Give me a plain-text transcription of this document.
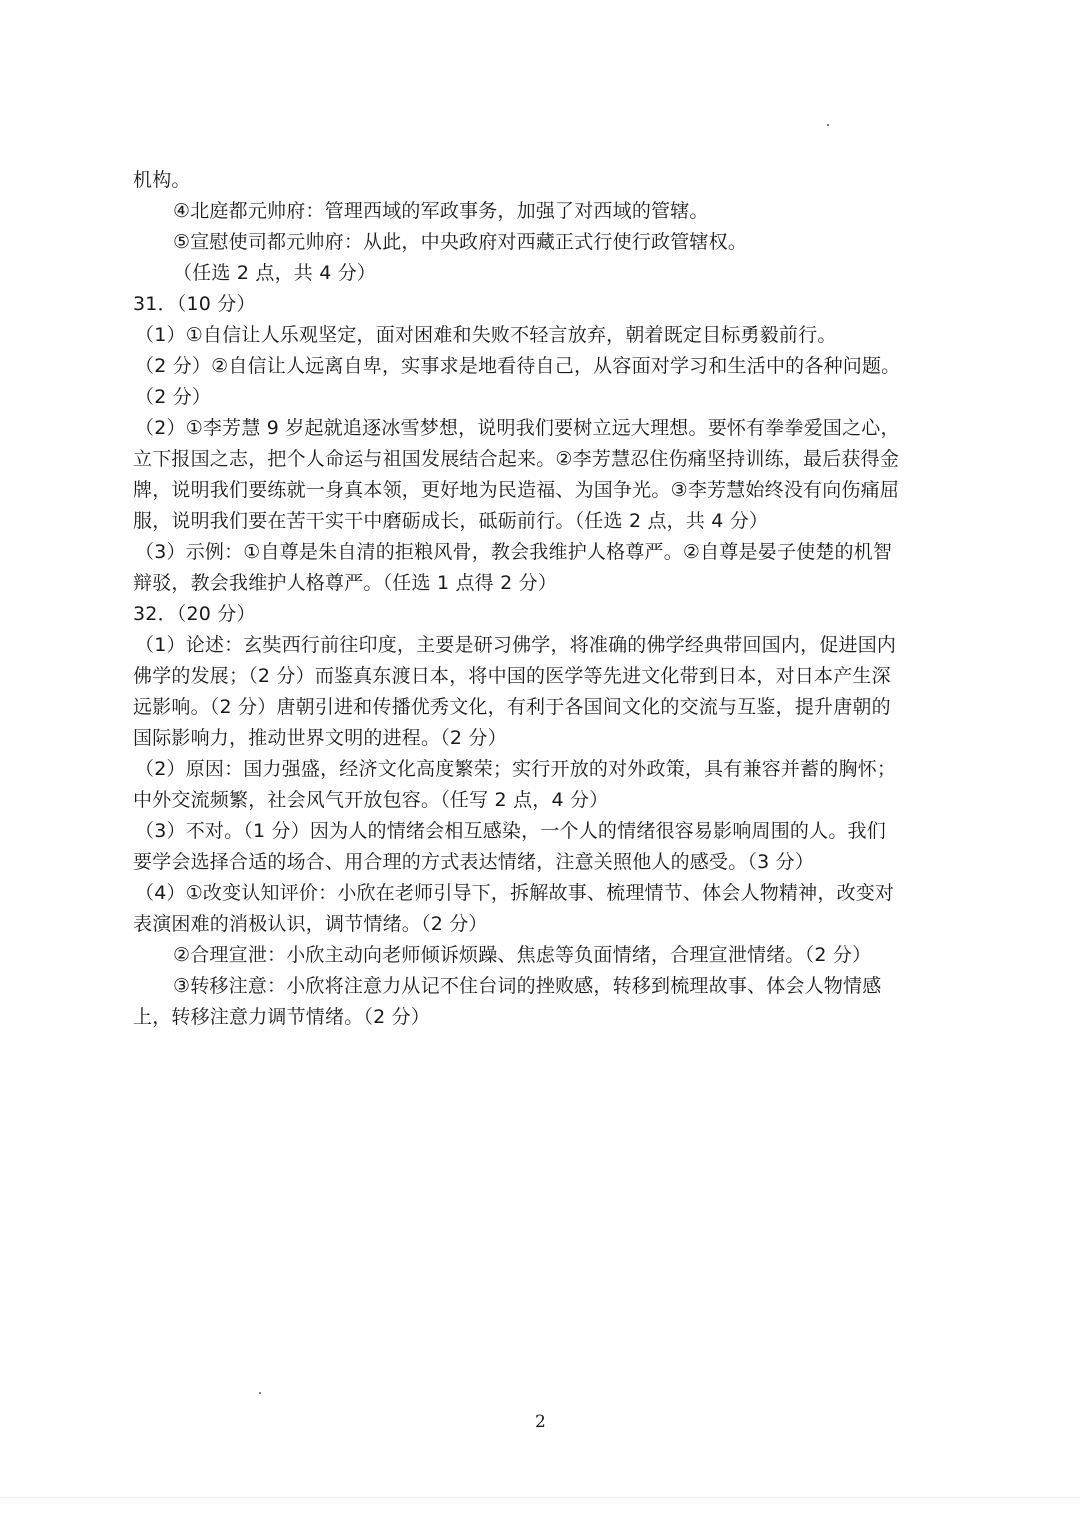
机构。
④北庭都元帅府：管理西域的军政事务，加强了对西域的管辖。
⑤宣慰使司都元帅府：从此，中央政府对西藏正式行使行政管辖权。
（任选 2 点，共 4 分）
31．（10 分）
（1）①自信让人乐观坚定，面对困难和失败不轻言放弃，朝着既定目标勇毅前行。
（2 分）②自信让人远离自卑，实事求是地看待自己，从容面对学习和生活中的各种问题。
（2 分）
（2）①李芳慧 9 岁起就追逐冰雪梦想，说明我们要树立远大理想。要怀有拳拳爱国之心，
立下报国之志，把个人命运与祖国发展结合起来。②李芳慧忍住伤痛坚持训练，最后获得金
牌，说明我们要练就一身真本领，更好地为民造福、为国争光。③李芳慧始终没有向伤痛屈
服，说明我们要在苦干实干中磨砺成长，砥砺前行。（任选 2 点，共 4 分）
（3）示例：①自尊是朱自清的拒粮风骨，教会我维护人格尊严。②自尊是晏子使楚的机智
辩驳，教会我维护人格尊严。（任选 1 点得 2 分）
32．（20 分）
（1）论述：玄奘西行前往印度，主要是研习佛学，将准确的佛学经典带回国内，促进国内
佛学的发展；（2 分）而鉴真东渡日本，将中国的医学等先进文化带到日本，对日本产生深
远影响。（2 分）唐朝引进和传播优秀文化，有利于各国间文化的交流与互鉴，提升唐朝的
国际影响力，推动世界文明的进程。（2 分）
（2）原因：国力强盛，经济文化高度繁荣；实行开放的对外政策，具有兼容并蓄的胸怀；
中外交流频繁，社会风气开放包容。（任写 2 点，4 分）
（3）不对。（1 分）因为人的情绪会相互感染，一个人的情绪很容易影响周围的人。我们
要学会选择合适的场合、用合理的方式表达情绪，注意关照他人的感受。（3 分）
（4）①改变认知评价：小欣在老师引导下，拆解故事、梳理情节、体会人物精神，改变对
表演困难的消极认识，调节情绪。（2 分）
②合理宣泄：小欣主动向老师倾诉烦躁、焦虑等负面情绪，合理宣泄情绪。（2 分）
③转移注意：小欣将注意力从记不住台词的挫败感，转移到梳理故事、体会人物情感
上，转移注意力调节情绪。（2 分）
2
